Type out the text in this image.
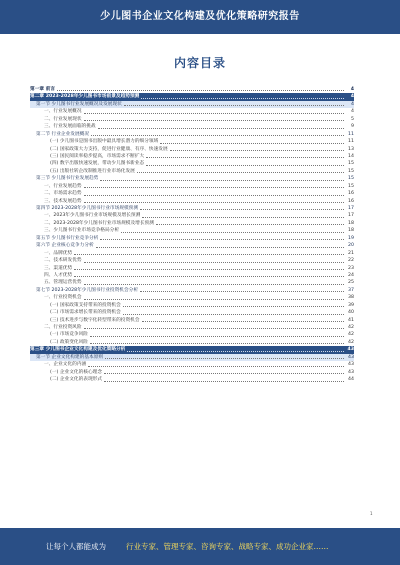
少儿图书企业文化构建及优化策略研究报告
内容目录
第一章 前言	4
第二章 2023-2028年少儿图书市场前景及趋势预测	4
第一节 少儿图书行业发展概况及发展现状	4
一、行业发展概况	4
二、行业发展现状	5
三、行业发展面临的挑战	9
第二节 行业企业发展概况	11
(一) 少儿图书是图书出版中最具增长潜力的细分领域	11
(二) 国家政策大力支持，促进行业健康、有序、快速发展	13
(三) 国民阅读率稳步提高，市场需求不断扩大	14
(四) 数字出版快速发展，带动少儿图书新业态	15
(五) 出版社转企改制推进行业市场化发展	15
第三节 少儿图书行业发展趋势	15
一、行业发展趋势	15
二、市场需求趋势	16
三、技术发展趋势	16
第四节 2023-2028年少儿图书行业市场规模预测	17
一、2023年少儿图书行业市场规模及增长预测	17
二、2023-2028年少儿图书行业市场规模及增长预测	18
三、少儿图书行业市场竞争格局分析	18
第五节 少儿图书行业竞争分析	19
第六节 企业核心竞争力分析	20
一、品牌优势	21
二、技术研发优势	22
三、渠道优势	23
四、人才优势	24
五、管理运营优势	25
第七节 2023-2028年少儿图书行业投资机会分析	37
一、行业投资机会	38
(一) 国家政策支持带来的投资机会	39
(二) 市场需求增长带来的投资机会	40
(三) 技术进步与数字化转型带来的投资机会	41
二、行业投资风险	42
(一) 市场竞争风险	42
(二) 政策变化风险	42
第三章 少儿图书企业文化构建及优化策略分析	43
第一节 企业文化构建的基本原则	43
一、企业文化的内涵	43
(一) 企业文化的核心理念	43
(二) 企业文化的表现形式	44
1
让每个人都能成为	行业专家、管理专家、咨询专家、战略专家、成功企业家……
